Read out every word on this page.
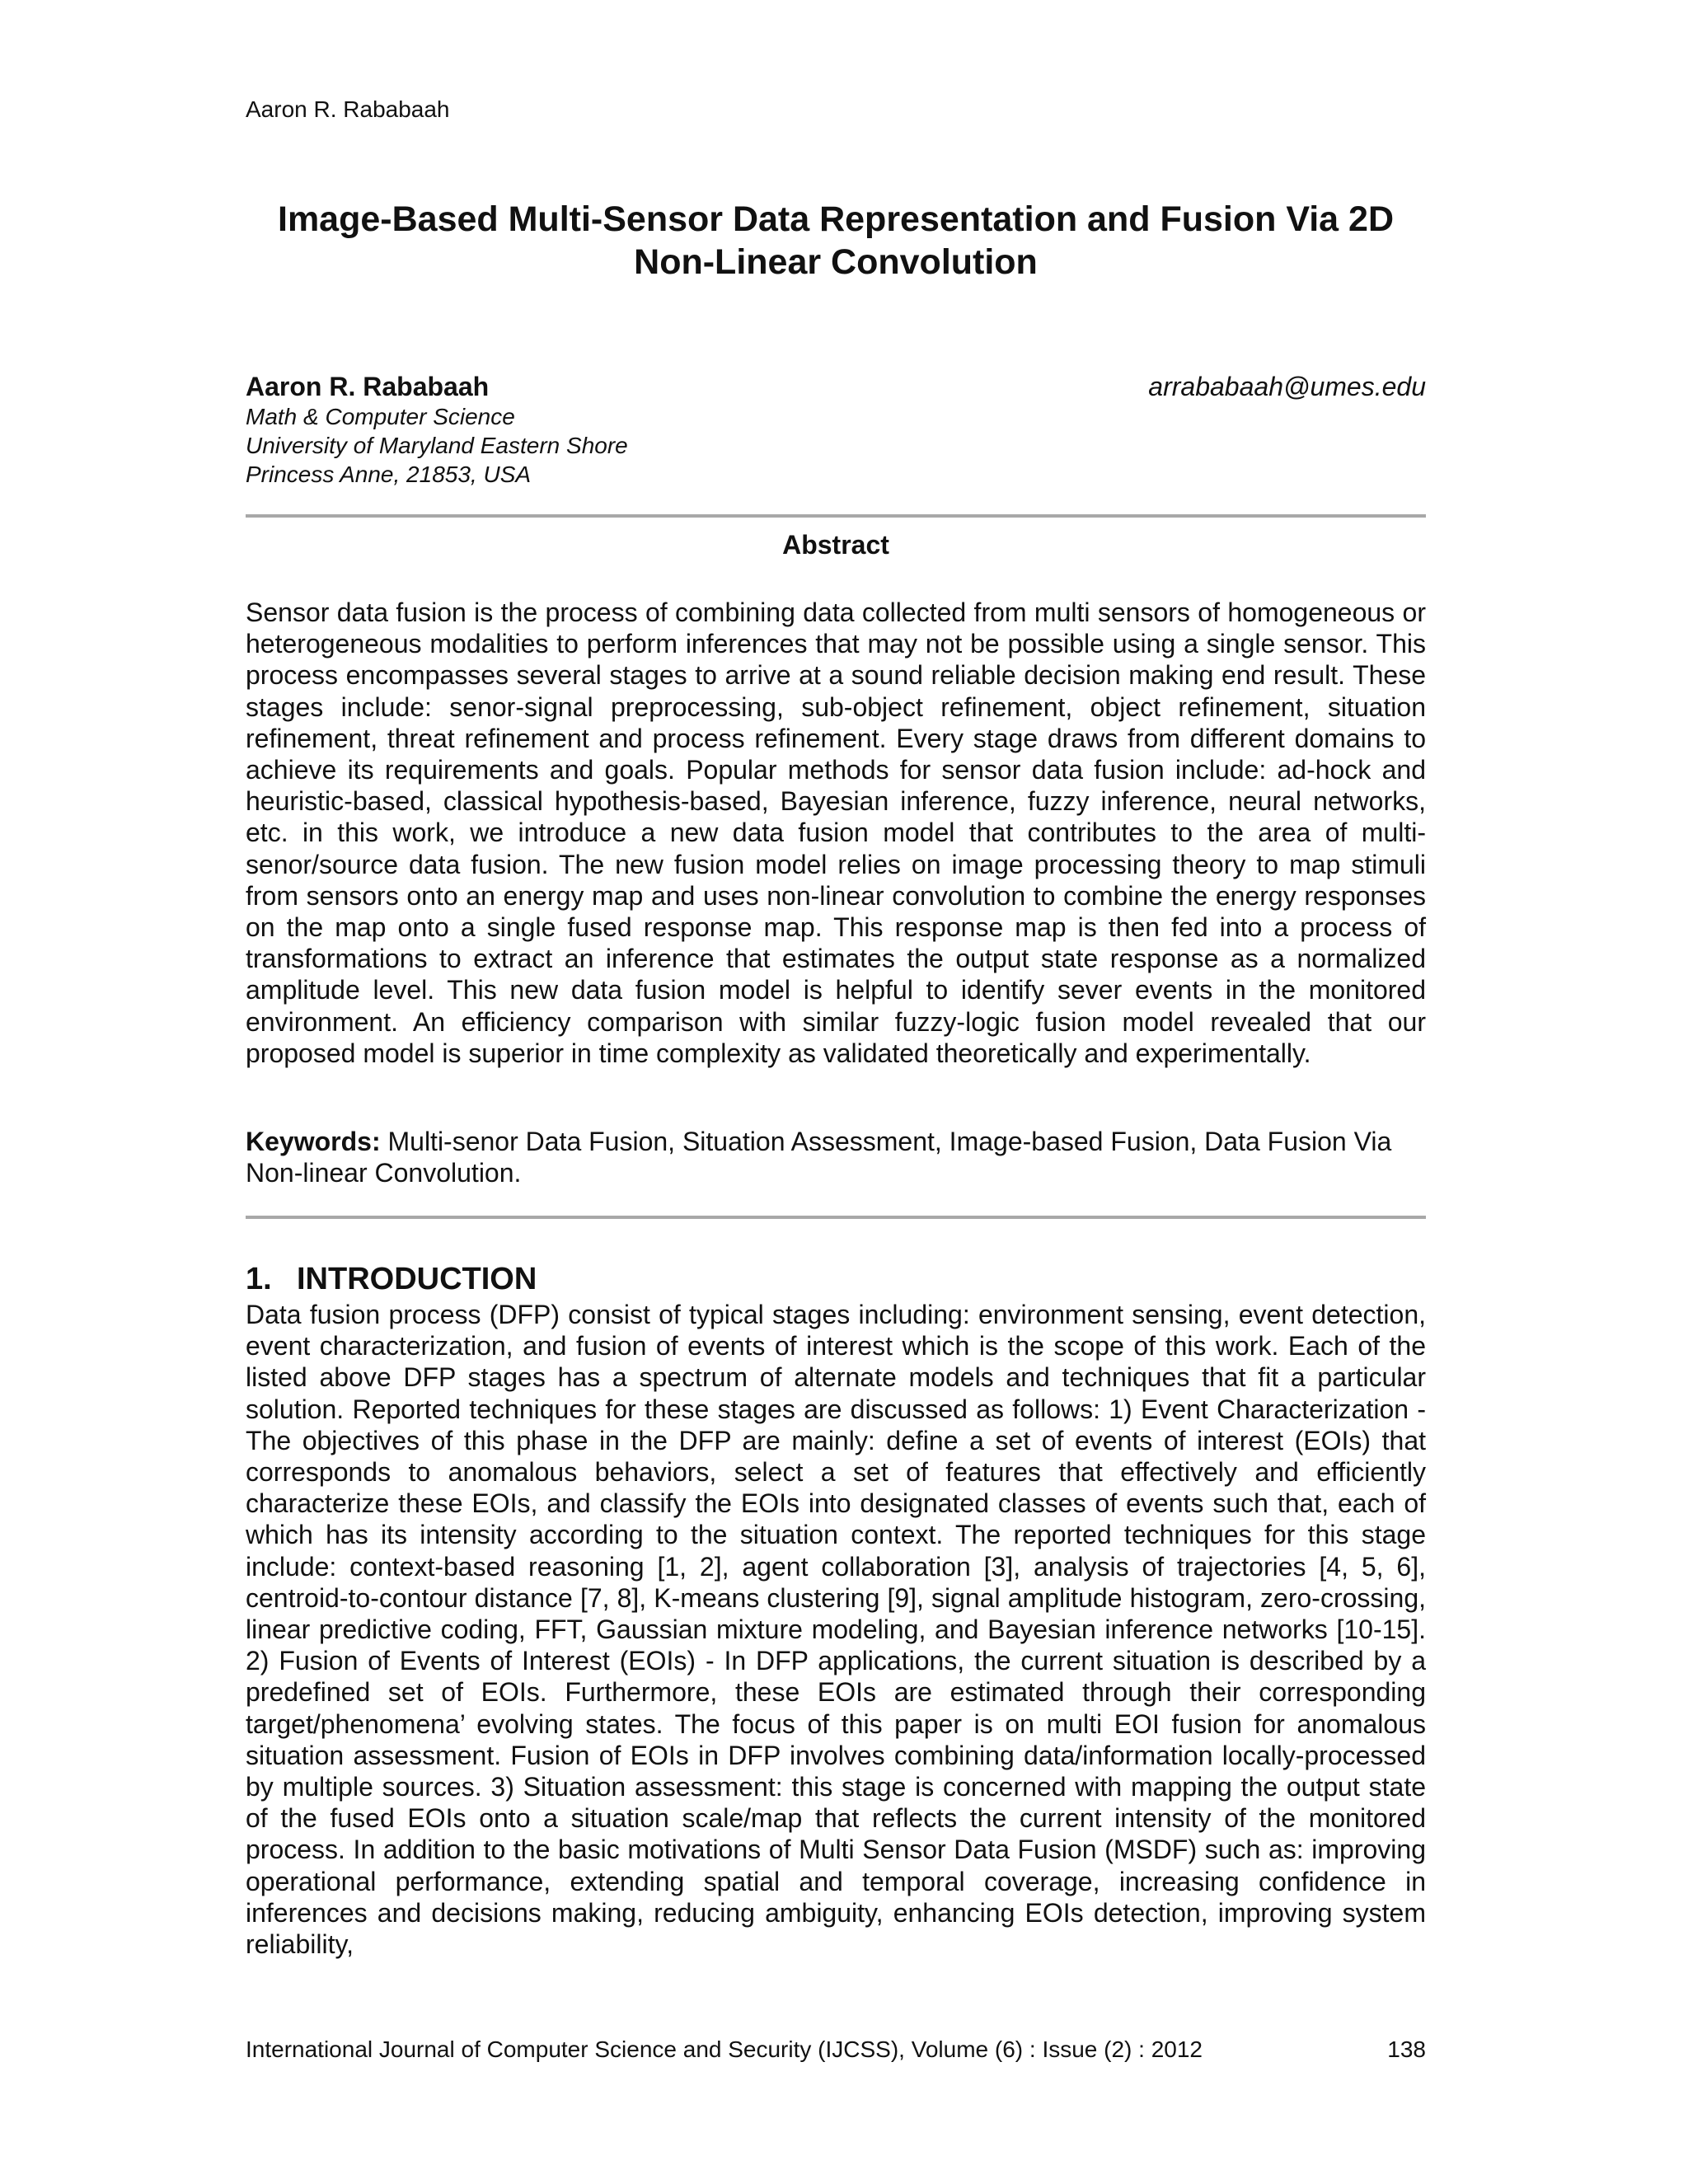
Aaron R. Rababaah
Image-Based Multi-Sensor Data Representation and Fusion Via 2D Non-Linear Convolution
Aaron R. Rababaah	arrababaah@umes.edu
Math & Computer Science
University of Maryland Eastern Shore
Princess Anne, 21853, USA
Abstract

Sensor data fusion is the process of combining data collected from multi sensors of homogeneous or heterogeneous modalities to perform inferences that may not be possible using a single sensor. This process encompasses several stages to arrive at a sound reliable decision making end result. These stages include: senor-signal preprocessing, sub-object refinement, object refinement, situation refinement, threat refinement and process refinement. Every stage draws from different domains to achieve its requirements and goals. Popular methods for sensor data fusion include: ad-hock and heuristic-based, classical hypothesis-based, Bayesian inference, fuzzy inference, neural networks, etc. in this work, we introduce a new data fusion model that contributes to the area of multi-senor/source data fusion. The new fusion model relies on image processing theory to map stimuli from sensors onto an energy map and uses non-linear convolution to combine the energy responses on the map onto a single fused response map. This response map is then fed into a process of transformations to extract an inference that estimates the output state response as a normalized amplitude level. This new data fusion model is helpful to identify sever events in the monitored environment. An efficiency comparison with similar fuzzy-logic fusion model revealed that our proposed model is superior in time complexity as validated theoretically and experimentally.

Keywords: Multi-senor Data Fusion, Situation Assessment, Image-based Fusion, Data Fusion Via Non-linear Convolution.

1. INTRODUCTION

Data fusion process (DFP) consist of typical stages including: environment sensing, event detection, event characterization, and fusion of events of interest which is the scope of this work. Each of the listed above DFP stages has a spectrum of alternate models and techniques that fit a particular solution. Reported techniques for these stages are discussed as follows: 1) Event Characterization - The objectives of this phase in the DFP are mainly: define a set of events of interest (EOIs) that corresponds to anomalous behaviors, select a set of features that effectively and efficiently characterize these EOIs, and classify the EOIs into designated classes of events such that, each of which has its intensity according to the situation context. The reported techniques for this stage include: context-based reasoning [1, 2], agent collaboration [3], analysis of trajectories [4, 5, 6], centroid-to-contour distance [7, 8], K-means clustering [9], signal amplitude histogram, zero-crossing, linear predictive coding, FFT, Gaussian mixture modeling, and Bayesian inference networks [10-15]. 2) Fusion of Events of Interest (EOIs) - In DFP applications, the current situation is described by a predefined set of EOIs. Furthermore, these EOIs are estimated through their corresponding target/phenomena’ evolving states. The focus of this paper is on multi EOI fusion for anomalous situation assessment. Fusion of EOIs in DFP involves combining data/information locally-processed by multiple sources. 3) Situation assessment: this stage is concerned with mapping the output state of the fused EOIs onto a situation scale/map that reflects the current intensity of the monitored process. In addition to the basic motivations of Multi Sensor Data Fusion (MSDF) such as: improving operational performance, extending spatial and temporal coverage, increasing confidence in inferences and decisions making, reducing ambiguity, enhancing EOIs detection, improving system reliability,

International Journal of Computer Science and Security (IJCSS), Volume (6) : Issue (2) : 2012	138
